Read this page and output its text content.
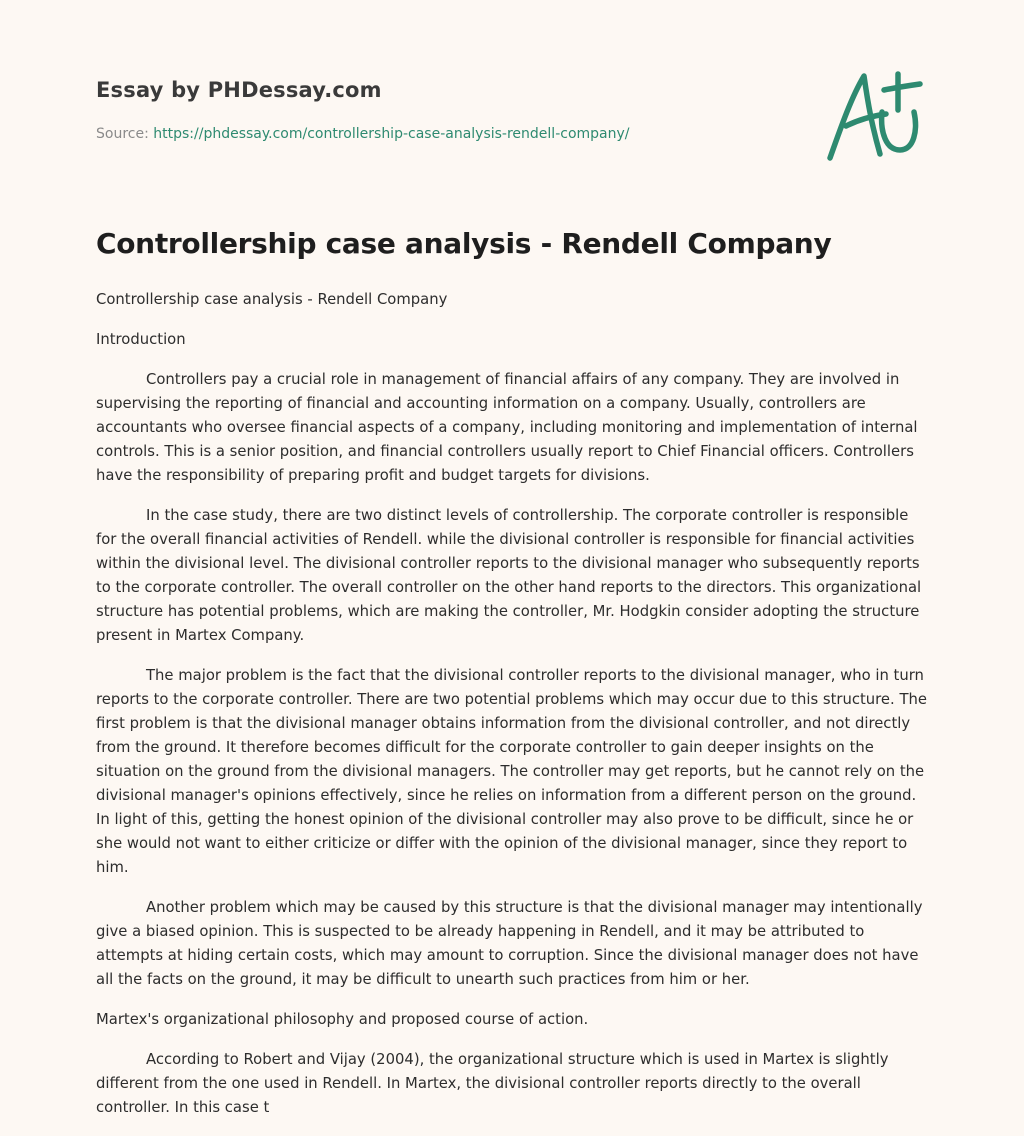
Essay by PHDessay.com
Source: https://phdessay.com/controllership-case-analysis-rendell-company/
Controllership case analysis - Rendell Company

Controllership case analysis - Rendell Company

Introduction

Controllers pay a crucial role in management of financial affairs of any company. They are involved in supervising the reporting of financial and accounting information on a company. Usually, controllers are accountants who oversee financial aspects of a company, including monitoring and implementation of internal controls. This is a senior position, and financial controllers usually report to Chief Financial officers. Controllers have the responsibility of preparing profit and budget targets for divisions.

In the case study, there are two distinct levels of controllership. The corporate controller is responsible for the overall financial activities of Rendell. while the divisional controller is responsible for financial activities within the divisional level. The divisional controller reports to the divisional manager who subsequently reports to the corporate controller. The overall controller on the other hand reports to the directors. This organizational structure has potential problems, which are making the controller, Mr. Hodgkin consider adopting the structure present in Martex Company.

The major problem is the fact that the divisional controller reports to the divisional manager, who in turn reports to the corporate controller. There are two potential problems which may occur due to this structure. The first problem is that the divisional manager obtains information from the divisional controller, and not directly from the ground. It therefore becomes difficult for the corporate controller to gain deeper insights on the situation on the ground from the divisional managers. The controller may get reports, but he cannot rely on the divisional manager's opinions effectively, since he relies on information from a different person on the ground. In light of this, getting the honest opinion of the divisional controller may also prove to be difficult, since he or she would not want to either criticize or differ with the opinion of the divisional manager, since they report to him.

Another problem which may be caused by this structure is that the divisional manager may intentionally give a biased opinion. This is suspected to be already happening in Rendell, and it may be attributed to attempts at hiding certain costs, which may amount to corruption. Since the divisional manager does not have all the facts on the ground, it may be difficult to unearth such practices from him or her.

Martex's organizational philosophy and proposed course of action.

According to Robert and Vijay (2004), the organizational structure which is used in Martex is slightly different from the one used in Rendell. In Martex, the divisional controller reports directly to the overall controller. In this case t
